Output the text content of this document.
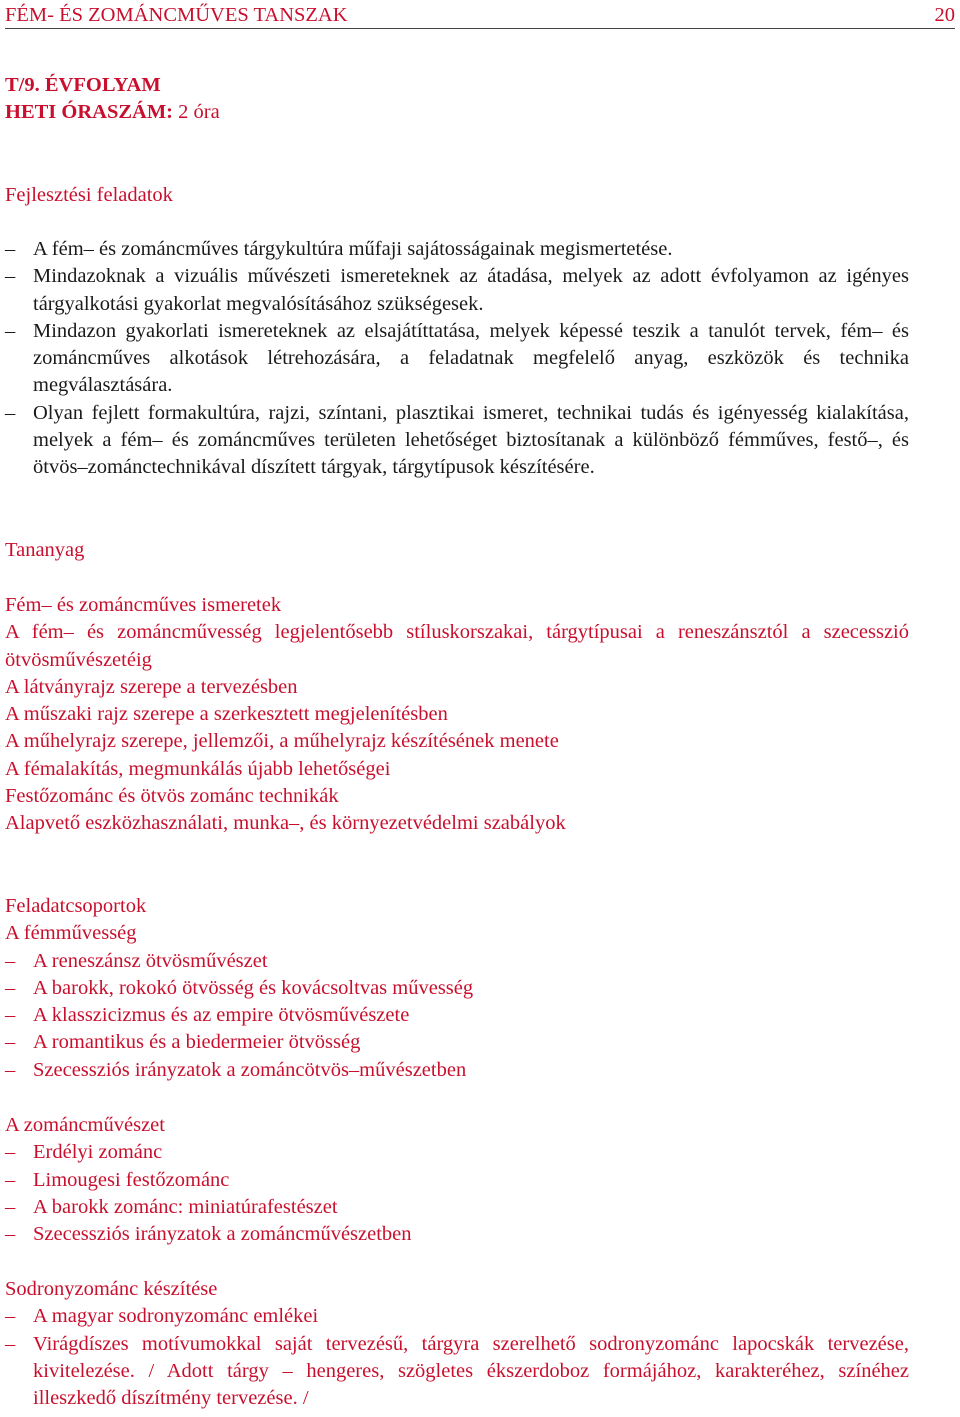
FÉM- ÉS ZOMÁNCMŰVES TANSZAK	20
T/9. ÉVFOLYAM
HETI ÓRASZÁM: 2 óra
Fejlesztési feladatok
– A fém– és zománcműves tárgykultúra műfaji sajátosságainak megismertetése.
– Mindazoknak a vizuális művészeti ismereteknek az átadása, melyek az adott évfolyamon az igényes tárgyalkotási gyakorlat megvalósításához szükségesek.
– Mindazon gyakorlati ismereteknek az elsajátíttatása, melyek képessé teszik a tanulót tervek, fém– és zománcműves alkotások létrehozására, a feladatnak megfelelő anyag, eszközök és technika megválasztására.
– Olyan fejlett formakultúra, rajzi, színtani, plasztikai ismeret, technikai tudás és igényesség kialakítása, melyek a fém– és zománcműves területen lehetőséget biztosítanak a különböző fémműves, festő–, és ötvös–zománctechnikával díszített tárgyak, tárgytípusok készítésére.
Tananyag
Fém– és zománcműves ismeretek
A fém– és zománcművesség legjelentősebb stíluskorszakai, tárgytípusai a reneszánsztól a szecesszió ötvösművészetéig
A látványrajz szerepe a tervezésben
A műszaki rajz szerepe a szerkesztett megjelenítésben
A műhelyrajz szerepe, jellemzői, a műhelyrajz készítésének menete
A fémalakítás, megmunkálás újabb lehetőségei
Festőzománc és ötvös zománc technikák
Alapvető eszközhasználati, munka–, és környezetvédelmi szabályok
Feladatcsoportok
A fémművesség
– A reneszánsz ötvösművészet
– A barokk, rokokó ötvösség és kovácsoltvas művesség
– A klasszicizmus és az empire ötvösművészete
– A romantikus és a biedermeier ötvösség
– Szecessziós irányzatok a zománcötvös–művészetben
A zománcművészet
– Erdélyi zománc
– Limougesi festőzománc
– A barokk zománc: miniatúrafestészet
– Szecessziós irányzatok a zománcművészetben
Sodronyzománc készítése
– A magyar sodronyzománc emlékei
– Virágdíszes motívumokkal saját tervezésű, tárgyra szerelhető sodronyzománc lapocskák tervezése, kivitelezése. / Adott tárgy – hengeres, szögletes ékszerdoboz formájához, karakteréhez, színéhez illeszkedő díszítmény tervezése. /
